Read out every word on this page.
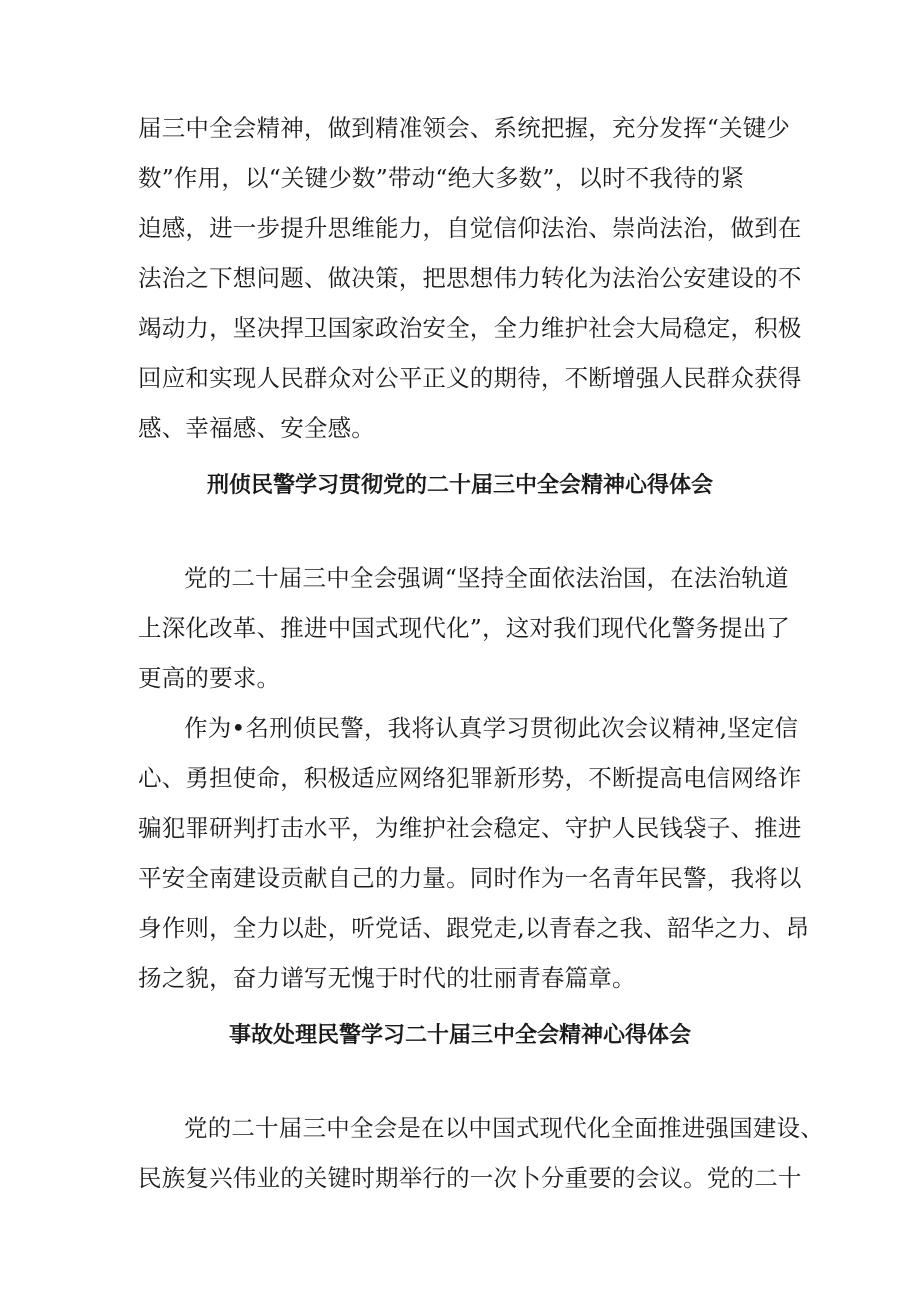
届三中全会精神，做到精准领会、系统把握，充分发挥“关键少
数”作用，以“关键少数”带动“绝大多数”，以时不我待的紧
迫感，进一步提升思维能力，自觉信仰法治、崇尚法治，做到在
法治之下想问题、做决策，把思想伟力转化为法治公安建设的不
竭动力，坚决捍卫国家政治安全，全力维护社会大局稳定，积极
回应和实现人民群众对公平正义的期待，不断增强人民群众获得
感、幸福感、安全感。
刑侦民警学习贯彻党的二十届三中全会精神心得体会
党的二十届三中全会强调“坚持全面依法治国，在法治轨道
上深化改革、推进中国式现代化”，这对我们现代化警务提出了
更高的要求。
作为•名刑侦民警，我将认真学习贯彻此次会议精神,坚定信
心、勇担使命，积极适应网络犯罪新形势，不断提高电信网络诈
骗犯罪研判打击水平，为维护社会稳定、守护人民钱袋子、推进
平安全南建设贡献自己的力量。同时作为一名青年民警，我将以
身作则，全力以赴，听党话、跟党走,以青春之我、韶华之力、昂
扬之貌，奋力谱写无愧于时代的壮丽青春篇章。
事故处理民警学习二十届三中全会精神心得体会
党的二十届三中全会是在以中国式现代化全面推进强国建设、
民族复兴伟业的关键时期举行的一次卜分重要的会议。党的二十
